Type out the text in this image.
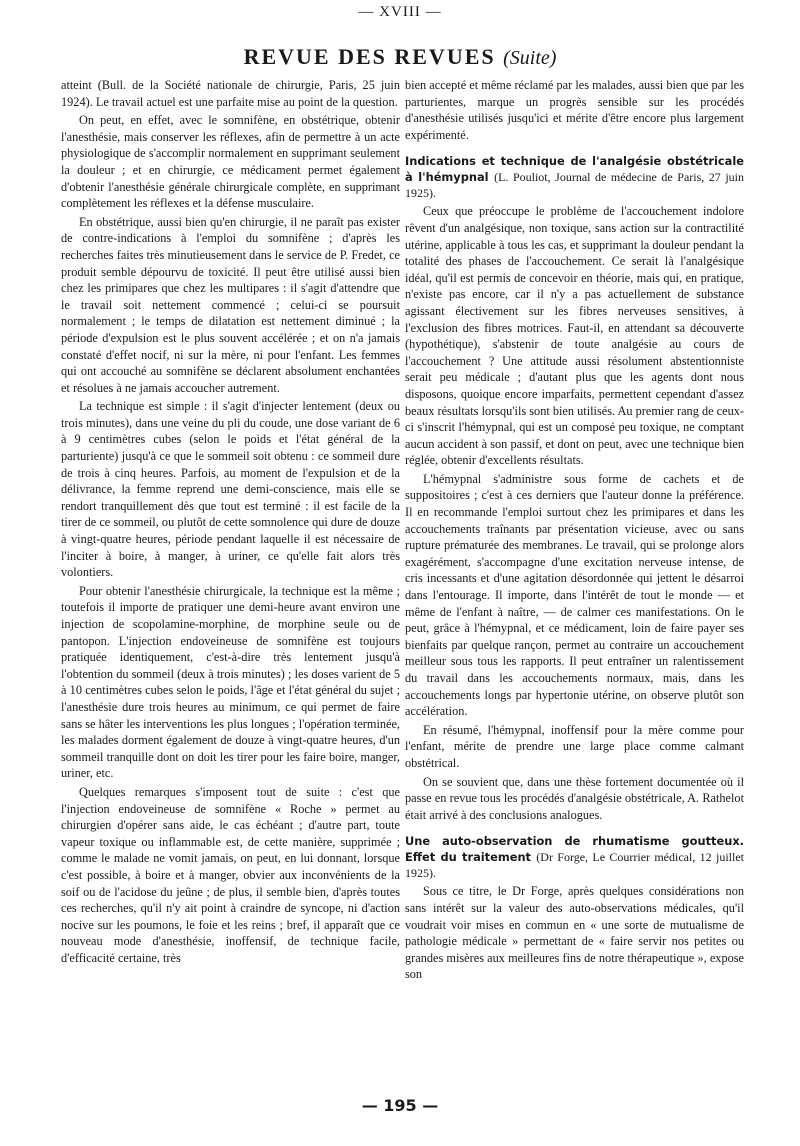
— XVIII —
REVUE DES REVUES (Suite)

atteint (Bull. de la Société nationale de chirurgie, Paris, 25 juin 1924). Le travail actuel est une parfaite mise au point de la question.

On peut, en effet, avec le somnifène, en obstétrique, obtenir l'anesthésie, mais conserver les réflexes, afin de permettre à un acte physiologique de s'accomplir normalement en supprimant seulement la douleur ; et en chirurgie, ce médicament permet également d'obtenir l'anesthésie générale chirurgicale complète, en supprimant complètement les réflexes et la défense musculaire.

En obstétrique, aussi bien qu'en chirurgie, il ne paraît pas exister de contre-indications à l'emploi du somnifène ; d'après les recherches faites très minutieusement dans le service de P. Fredet, ce produit semble dépourvu de toxicité. Il peut être utilisé aussi bien chez les primipares que chez les multipares : il s'agit d'attendre que le travail soit nettement commencé ; celui-ci se poursuit normalement ; le temps de dilatation est nettement diminué ; la période d'expulsion est le plus souvent accélérée ; et on n'a jamais constaté d'effet nocif, ni sur la mère, ni pour l'enfant. Les femmes qui ont accouché au somnifène se déclarent absolument enchantées et résolues à ne jamais accoucher autrement.

La technique est simple : il s'agit d'injecter lentement (deux ou trois minutes), dans une veine du pli du coude, une dose variant de 6 à 9 centimètres cubes (selon le poids et l'état général de la parturiente) jusqu'à ce que le sommeil soit obtenu : ce sommeil dure de trois à cinq heures. Parfois, au moment de l'expulsion et de la délivrance, la femme reprend une demi-conscience, mais elle se rendort tranquillement dès que tout est terminé : il est facile de la tirer de ce sommeil, ou plutôt de cette somnolence qui dure de douze à vingt-quatre heures, période pendant laquelle il est nécessaire de l'inciter à boire, à manger, à uriner, ce qu'elle fait alors très volontiers.

Pour obtenir l'anesthésie chirurgicale, la technique est la même ; toutefois il importe de pratiquer une demi-heure avant environ une injection de scopolamine-morphine, de morphine seule ou de pantopon. L'injection endoveineuse de somnifène est toujours pratiquée identiquement, c'est-à-dire très lentement jusqu'à l'obtention du sommeil (deux à trois minutes) ; les doses varient de 5 à 10 centimètres cubes selon le poids, l'âge et l'état général du sujet ; l'anesthésie dure trois heures au minimum, ce qui permet de faire sans se hâter les interventions les plus longues ; l'opération terminée, les malades dorment également de douze à vingt-quatre heures, d'un sommeil tranquille dont on doit les tirer pour les faire boire, manger, uriner, etc.

Quelques remarques s'imposent tout de suite : c'est que l'injection endoveineuse de somnifène « Roche » permet au chirurgien d'opérer sans aide, le cas échéant ; d'autre part, toute vapeur toxique ou inflammable est, de cette manière, supprimée ; comme le malade ne vomit jamais, on peut, en lui donnant, lorsque c'est possible, à boire et à manger, obvier aux inconvénients de la soif ou de l'acidose du jeûne ; de plus, il semble bien, d'après toutes ces recherches, qu'il n'y ait point à craindre de syncope, ni d'action nocive sur les poumons, le foie et les reins ; bref, il apparaît que ce nouveau mode d'anesthésie, inoffensif, de technique facile, d'efficacité certaine, très

bien accepté et même réclamé par les malades, aussi bien que par les parturientes, marque un progrès sensible sur les procédés d'anesthésie utilisés jusqu'ici et mérite d'être encore plus largement expérimenté.

Indications et technique de l'analgésie obstétricale à l'hémypnal (L. Pouliot, Journal de médecine de Paris, 27 juin 1925).

Ceux que préoccupe le problème de l'accouchement indolore rêvent d'un analgésique, non toxique, sans action sur la contractilité utérine, applicable à tous les cas, et supprimant la douleur pendant la totalité des phases de l'accouchement. Ce serait là l'analgésique idéal, qu'il est permis de concevoir en théorie, mais qui, en pratique, n'existe pas encore, car il n'y a pas actuellement de substance agissant électivement sur les fibres nerveuses sensitives, à l'exclusion des fibres motrices. Faut-il, en attendant sa découverte (hypothétique), s'abstenir de toute analgésie au cours de l'accouchement ? Une attitude aussi résolument abstentionniste serait peu médicale ; d'autant plus que les agents dont nous disposons, quoique encore imparfaits, permettent cependant d'assez beaux résultats lorsqu'ils sont bien utilisés. Au premier rang de ceux-ci s'inscrit l'hémypnal, qui est un composé peu toxique, ne comptant aucun accident à son passif, et dont on peut, avec une technique bien réglée, obtenir d'excellents résultats.

L'hémypnal s'administre sous forme de cachets et de suppositoires ; c'est à ces derniers que l'auteur donne la préférence. Il en recommande l'emploi surtout chez les primipares et dans les accouchements traînants par présentation vicieuse, avec ou sans rupture prématurée des membranes. Le travail, qui se prolonge alors exagérément, s'accompagne d'une excitation nerveuse intense, de cris incessants et d'une agitation désordonnée qui jettent le désarroi dans l'entourage. Il importe, dans l'intérêt de tout le monde — et même de l'enfant à naître, — de calmer ces manifestations. On le peut, grâce à l'hémypnal, et ce médicament, loin de faire payer ses bienfaits par quelque rançon, permet au contraire un accouchement meilleur sous tous les rapports. Il peut entraîner un ralentissement du travail dans les accouchements normaux, mais, dans les accouchements longs par hypertonie utérine, on observe plutôt son accélération.

En résumé, l'hémypnal, inoffensif pour la mère comme pour l'enfant, mérite de prendre une large place comme calmant obstétrical.

On se souvient que, dans une thèse fortement documentée où il passe en revue tous les procédés d'analgésie obstétricale, A. Rathelot était arrivé à des conclusions analogues.

Une auto-observation de rhumatisme goutteux. Effet du traitement (Dr Forge, Le Courrier médical, 12 juillet 1925).

Sous ce titre, le Dr Forge, après quelques considérations non sans intérêt sur la valeur des auto-observations médicales, qu'il voudrait voir mises en commun en « une sorte de mutualisme de pathologie médicale » permettant de « faire servir nos petites ou grandes misères aux meilleures fins de notre thérapeutique », expose son

— 195 —
